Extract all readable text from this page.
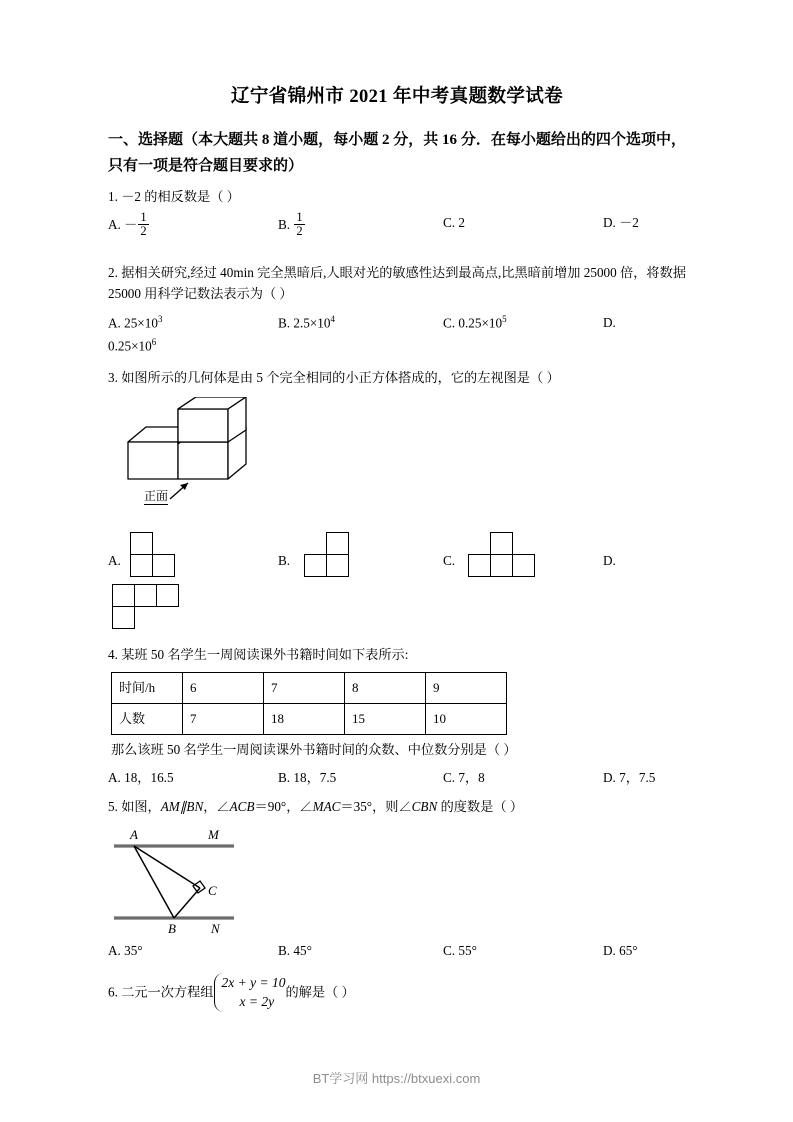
辽宁省锦州市 2021 年中考真题数学试卷
一、选择题（本大题共 8 道小题，每小题 2 分，共 16 分．在每小题给出的四个选项中，只有一项是符合题目要求的）
1. －2 的相反数是（ ）
A. － $\frac{1}{2}$	B. $\frac{1}{2}$	C. 2	D. －2
2. 据相关研究,经过 40min 完全黑暗后,人眼对光的敏感性达到最高点,比黑暗前增加 25000 倍，将数据 25000 用科学记数法表示为（ ）
A. $25\times 10^3$	B. $2.5\times 10^4$	C. $0.25\times 10^5$	D.
$0.25\times 10^6$
3. 如图所示的几何体是由 5 个完全相同的小正方体搭成的，它的左视图是（ ）
正面
A.	B.	C.	D.
4. 某班 50 名学生一周阅读课外书籍时间如下表所示:
时间/h	6	7	8	9
人数	7	18	15	10
那么该班 50 名学生一周阅读课外书籍时间的众数、中位数分别是（ ）
A. 18，16.5	B. 18，7.5	C. 7，8	D. 7，7.5
5. 如图，AM∥BN，∠ACB＝90°，∠MAC＝35°，则∠CBN 的度数是（ ）
A	M
C
B	N
A. 35°	B. 45°	C. 55°	D. 65°
6. 二元一次方程组
2x + y = 10
x = 2y
的解是（ ）
BT学习网 https://btxuexi.com
